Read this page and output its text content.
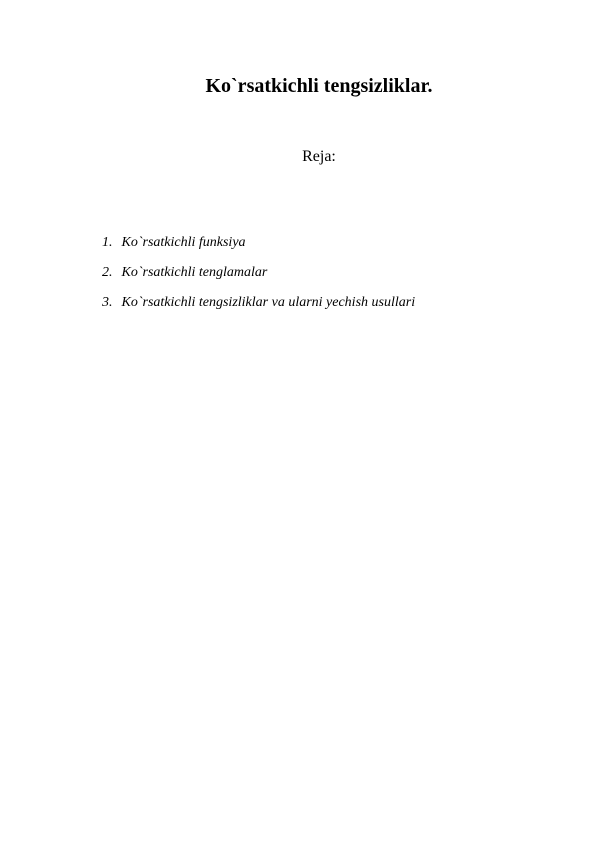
Ko`rsatkichli tengsizliklar.
Reja:
1. Ko`rsatkichli funksiya
2. Ko`rsatkichli tenglamalar
3. Ko`rsatkichli tengsizliklar va ularni yechish usullari
